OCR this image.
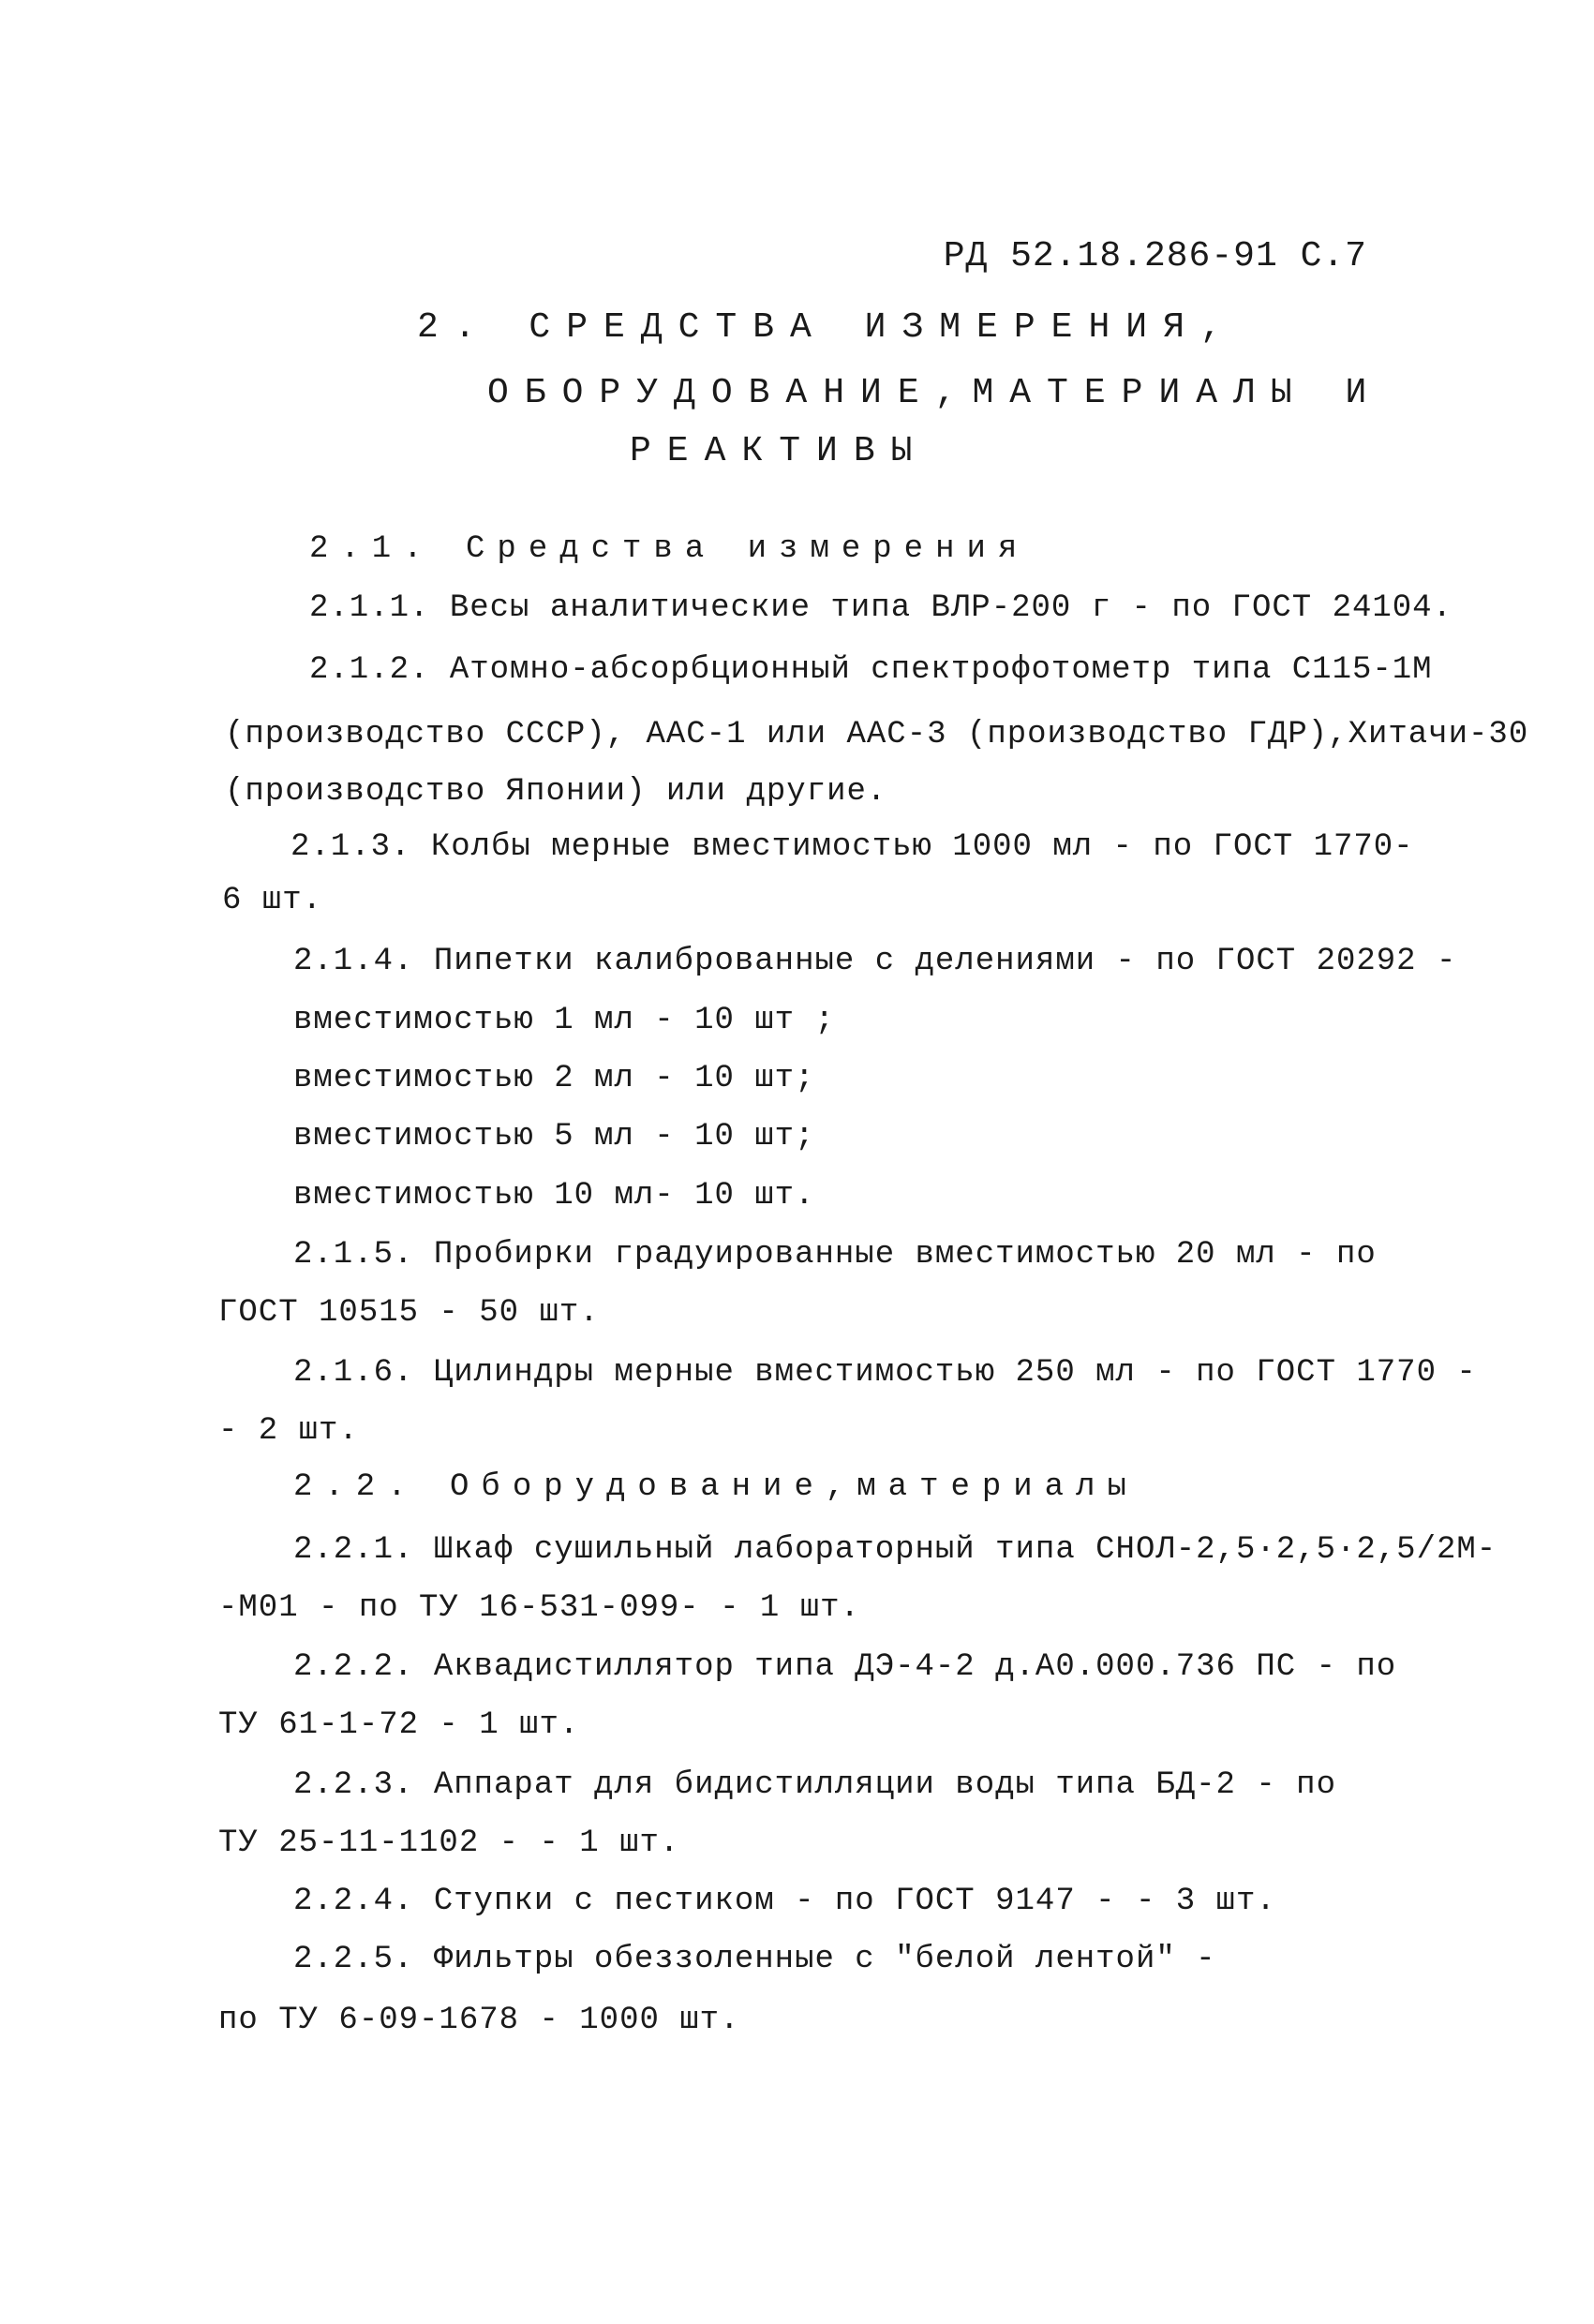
РД 52.18.286-91 С.7
2. СРЕДСТВА ИЗМЕРЕНИЯ,
ОБОРУДОВАНИЕ,МАТЕРИАЛЫ И
РЕАКТИВЫ
2.1. Средства измерения
2.1.1. Весы аналитические типа ВЛР-200 г - по ГОСТ 24104.
2.1.2. Атомно-абсорбционный спектрофотометр типа С115-1М
(производство СССР), ААС-1 или ААС-3 (производство ГДР),Хитачи-30
(производство Японии) или другие.
2.1.3. Колбы мерные вместимостью 1000 мл - по ГОСТ 1770-
6 шт.
2.1.4. Пипетки калиброванные с делениями - по ГОСТ 20292 -
вместимостью 1 мл - 10 шт ;
вместимостью 2 мл - 10 шт;
вместимостью 5 мл - 10 шт;
вместимостью 10 мл- 10 шт.
2.1.5. Пробирки градуированные вместимостью 20 мл - по
ГОСТ 10515 - 50 шт.
2.1.6. Цилиндры мерные вместимостью 250 мл - по ГОСТ 1770 -
- 2 шт.
2.2. Оборудование,материалы
2.2.1. Шкаф сушильный лабораторный типа СНОЛ-2,5·2,5·2,5/2М-
-М01 - по ТУ 16-531-099- - 1 шт.
2.2.2. Аквадистиллятор типа ДЭ-4-2 д.А0.000.736 ПС - по
ТУ 61-1-72 - 1 шт.
2.2.3. Аппарат для бидистилляции воды типа БД-2 - по
ТУ 25-11-1102 - - 1 шт.
2.2.4. Ступки с пестиком - по ГОСТ 9147 - - 3 шт.
2.2.5. Фильтры обеззоленные с "белой лентой" -
по ТУ 6-09-1678 - 1000 шт.
